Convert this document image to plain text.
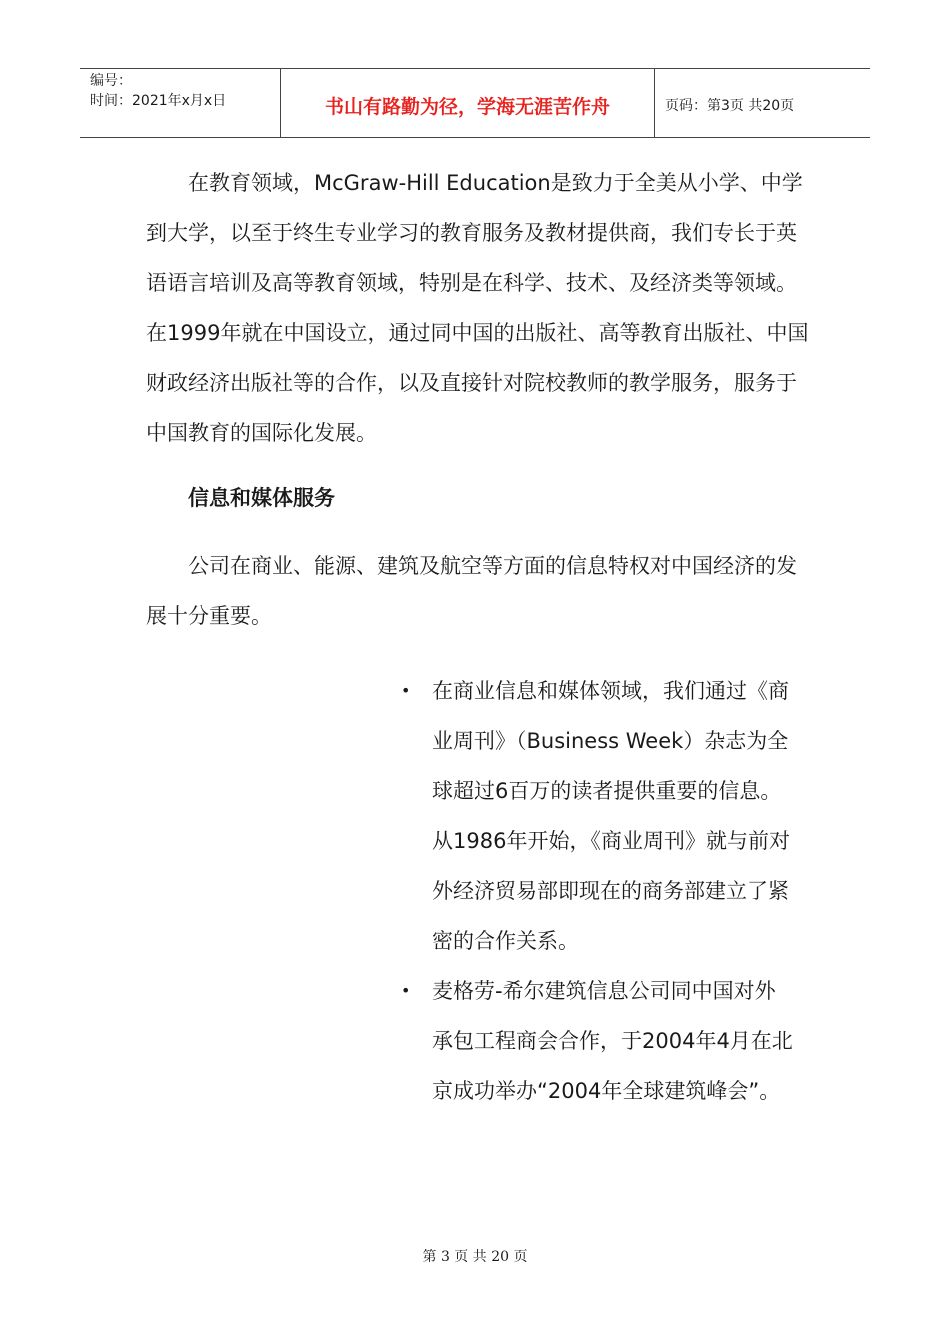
编号：
时间：2021年x月x日	书山有路勤为径，学海无涯苦作舟	页码：第3页 共20页

在教育领域，McGraw-Hill Education是致力于全美从小学、中学到大学，以至于终生专业学习的教育服务及教材提供商，我们专长于英语语言培训及高等教育领域，特别是在科学、技术、及经济类等领域。在1999年就在中国设立，通过同中国的出版社、高等教育出版社、中国财政经济出版社等的合作，以及直接针对院校教师的教学服务，服务于中国教育的国际化发展。

信息和媒体服务

公司在商业、能源、建筑及航空等方面的信息特权对中国经济的发展十分重要。

• 在商业信息和媒体领域，我们通过《商业周刊》（Business Week）杂志为全球超过6百万的读者提供重要的信息。从1986年开始，《商业周刊》就与前对外经济贸易部即现在的商务部建立了紧密的合作关系。
• 麦格劳-希尔建筑信息公司同中国对外承包工程商会合作，于2004年4月在北京成功举办“2004年全球建筑峰会”。
第 3 页 共 20 页
